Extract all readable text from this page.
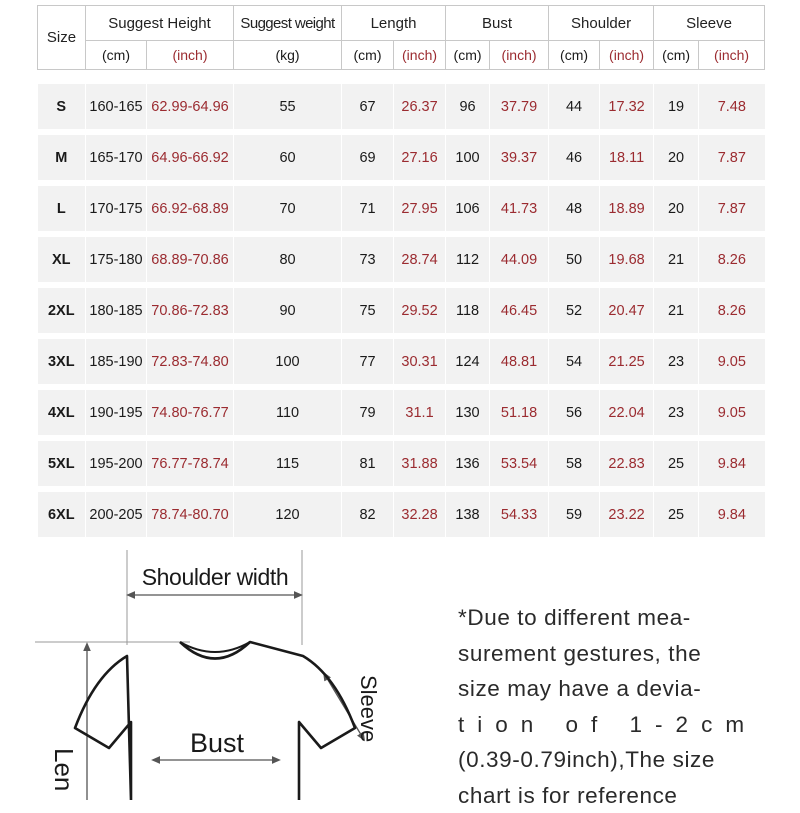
Size	Suggest Height		Suggest weight	Length		Bust		Shoulder		Sleeve	
	(cm)	(inch)	(kg)	(cm)	(inch)	(cm)	(inch)	(cm)	(inch)	(cm)	(inch)

S	160-165	62.99-64.96	55	67	26.37	96	37.79	44	17.32	19	7.48

M	165-170	64.96-66.92	60	69	27.16	100	39.37	46	18.11	20	7.87

L	170-175	66.92-68.89	70	71	27.95	106	41.73	48	18.89	20	7.87

XL	175-180	68.89-70.86	80	73	28.74	112	44.09	50	19.68	21	8.26

2XL	180-185	70.86-72.83	90	75	29.52	118	46.45	52	20.47	21	8.26

3XL	185-190	72.83-74.80	100	77	30.31	124	48.81	54	21.25	23	9.05

4XL	190-195	74.80-76.77	110	79	31.1	130	51.18	56	22.04	23	9.05

5XL	195-200	76.77-78.74	115	81	31.88	136	53.54	58	22.83	25	9.84

6XL	200-205	78.74-80.70	120	82	32.28	138	54.33	59	23.22	25	9.84
Shoulder width
Bust
Sleeve
Len
*Due to different mea-
surement gestures, the
size may have a devia-
tion of 1-2cm
(0.39-0.79inch),The size
chart is for reference
